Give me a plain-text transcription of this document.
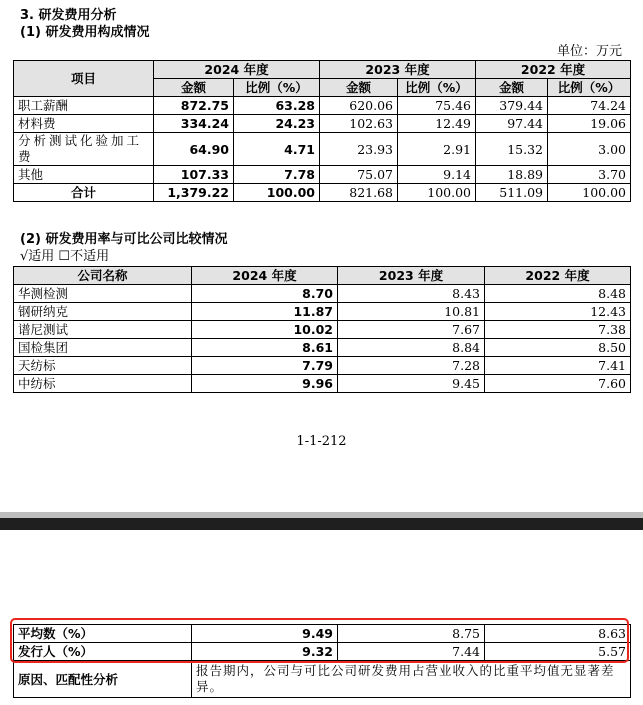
3. 研发费用分析
(1) 研发费用构成情况
单位：万元
项目	2024 年度		2023 年度		2022 年度	
	金额	比例（%）	金额	比例（%）	金额	比例（%）
职工薪酬	872.75	63.28	620.06	75.46	379.44	74.24
材料费	334.24	24.23	102.63	12.49	97.44	19.06
分析测试化验加工费	64.90	4.71	23.93	2.91	15.32	3.00
其他	107.33	7.78	75.07	9.14	18.89	3.70
合计	1,379.22	100.00	821.68	100.00	511.09	100.00
(2) 研发费用率与可比公司比较情况
√适用 ☐不适用
公司名称	2024 年度	2023 年度	2022 年度
华测检测	8.70	8.43	8.48
钢研纳克	11.87	10.81	12.43
谱尼测试	10.02	7.67	7.38
国检集团	8.61	8.84	8.50
天纺标	7.79	7.28	7.41
中纺标	9.96	9.45	7.60
1-1-212
平均数（%）	9.49	8.75	8.63
发行人（%）	9.32	7.44	5.57
原因、匹配性分析	报告期内，公司与可比公司研发费用占营业收入的比重平均值无显著差异。		
